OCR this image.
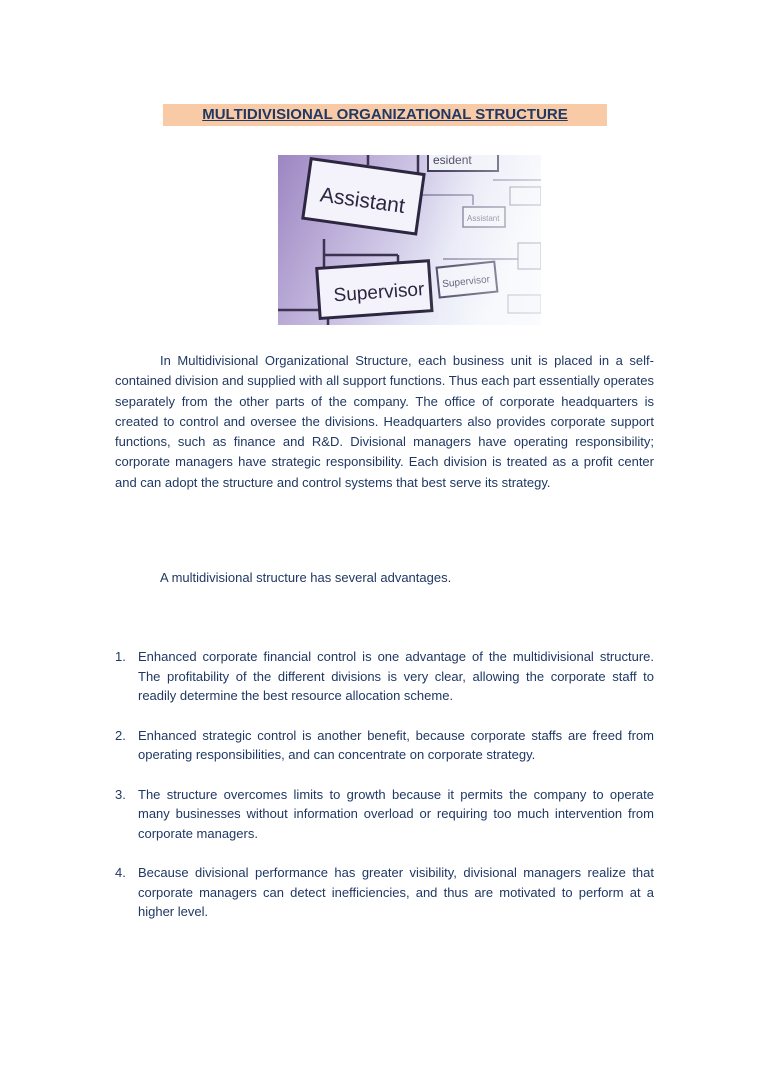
MULTIDIVISIONAL ORGANIZATIONAL STRUCTURE
In Multidivisional Organizational Structure, each business unit is placed in a self-contained division and supplied with all support functions. Thus each part essentially operates separately from the other parts of the company. The office of corporate headquarters is created to control and oversee the divisions. Headquarters also provides corporate support functions, such as finance and R&D. Divisional managers have operating responsibility; corporate managers have strategic responsibility. Each division is treated as a profit center and can adopt the structure and control systems that best serve its strategy.
A multidivisional structure has several advantages.
1. Enhanced corporate financial control is one advantage of the multidivisional structure. The profitability of the different divisions is very clear, allowing the corporate staff to readily determine the best resource allocation scheme.
2. Enhanced strategic control is another benefit, because corporate staffs are freed from operating responsibilities, and can concentrate on corporate strategy.
3. The structure overcomes limits to growth because it permits the company to operate many businesses without information overload or requiring too much intervention from corporate managers.
4. Because divisional performance has greater visibility, divisional managers realize that corporate managers can detect inefficiencies, and thus are motivated to perform at a higher level.
